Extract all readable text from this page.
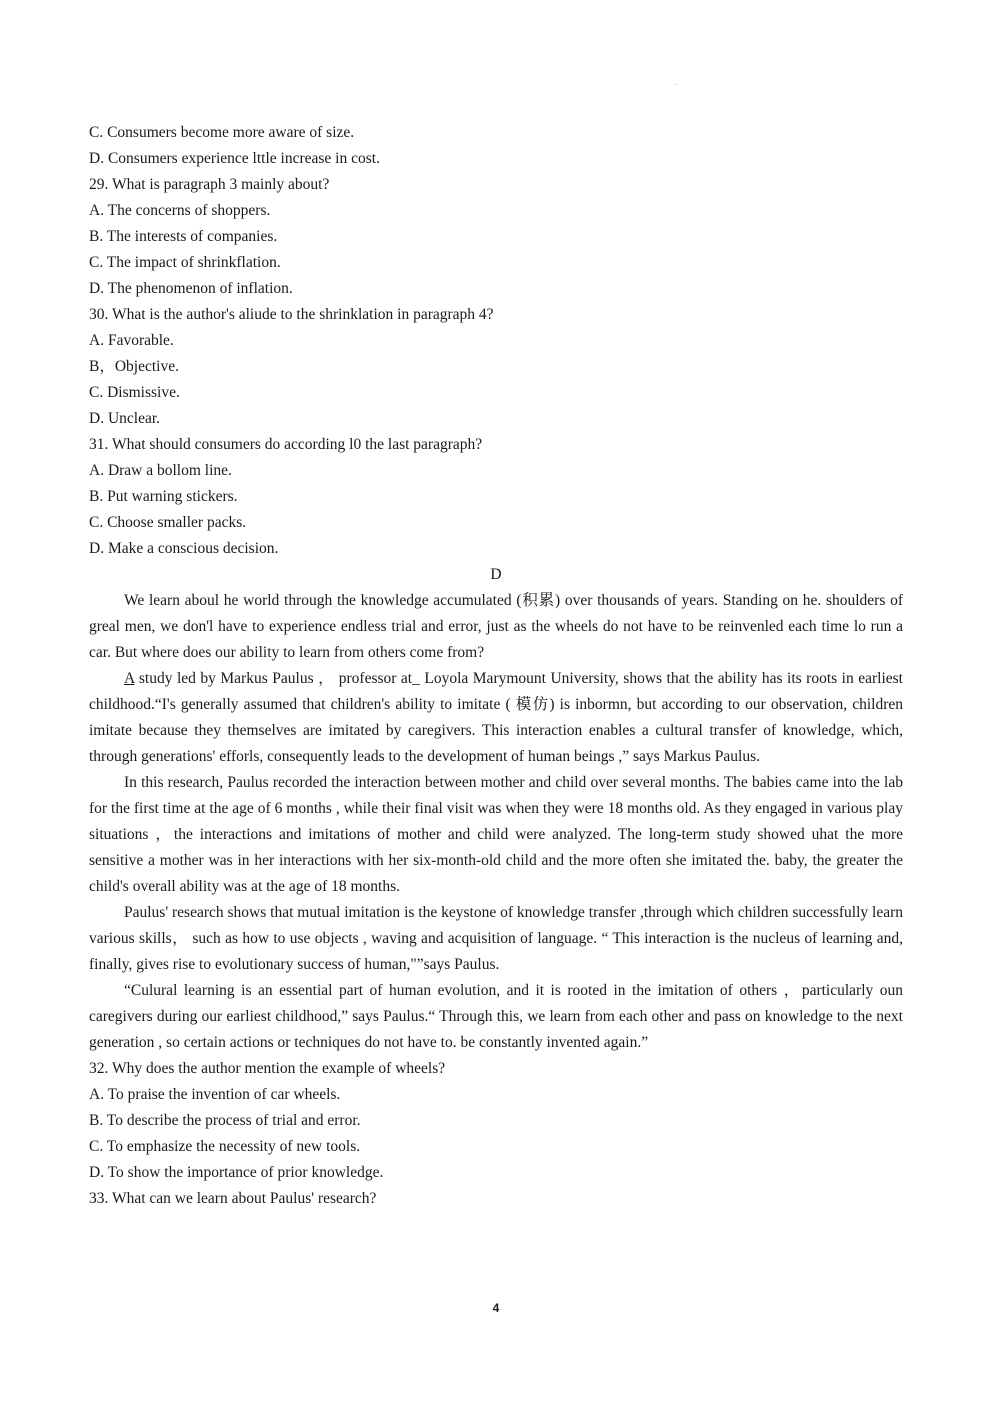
.

C. Consumers become more aware of size.

D. Consumers experience lttle increase in cost.

29. What is paragraph 3 mainly about?

A. The concerns of shoppers.

B. The interests of companies.

C. The impact of shrinkflation.

D. The phenomenon of inflation.

30. What is the author's aliude to the shrinklation in paragraph 4?

A. Favorable.

B，Objective.

C. Dismissive.

D. Unclear.

31. What should consumers do according l0 the last paragraph?

A. Draw a bollom line.

B. Put warning stickers.

C. Choose smaller packs.

D. Make a conscious decision.

D

We learn aboul he world through the knowledge accumulated (积累) over thousands of years. Standing on he. shoulders of greal men, we don'l have to experience endless trial and error, just as the wheels do not have to be reinvenled each time lo run a car. But where does our ability to learn from others come from?

A study led by Markus Paulus ， professor at_ Loyola Marymount University, shows that the ability has its roots in earliest childhood.“I's generally assumed that children's ability to imitate ( 模仿) is inbormn, but according to our observation, children imitate because they themselves are imitated by caregivers. This interaction enables a cultural transfer of knowledge, which, through generations' efforls, consequently leads to the development of human beings ,” says Markus Paulus.

In this research, Paulus recorded the interaction between mother and child over several months. The babies came into the lab for the first time at the age of 6 months , while their final visit was when they were 18 months old. As they engaged in various play situations ，the interactions and imitations of mother and child were analyzed. The long-term study showed uhat the more sensitive a mother was in her interactions with her six-month-old child and the more often she imitated the. baby, the greater the child's overall ability was at the age of 18 months.

Paulus' research shows that mutual imitation is the keystone of knowledge transfer ,through which children successfully learn various skills， such as how to use objects , waving and acquisition of language. “ This interaction is the nucleus of learning and, finally, gives rise to evolutionary success of human,"”says Paulus.

“Culural learning is an essential part of human evolution, and it is rooted in the imitation of others ，particularly oun caregivers during our earliest childhood,” says Paulus.“ Through this, we learn from each other and pass on knowledge to the next generation , so certain actions or techniques do not have to. be constantly invented again.”

32. Why does the author mention the example of wheels?

A. To praise the invention of car wheels.

B. To describe the process of trial and error.

C. To emphasize the necessity of new tools.

D. To show the importance of prior knowledge.

33. What can we learn about Paulus' research?

4
